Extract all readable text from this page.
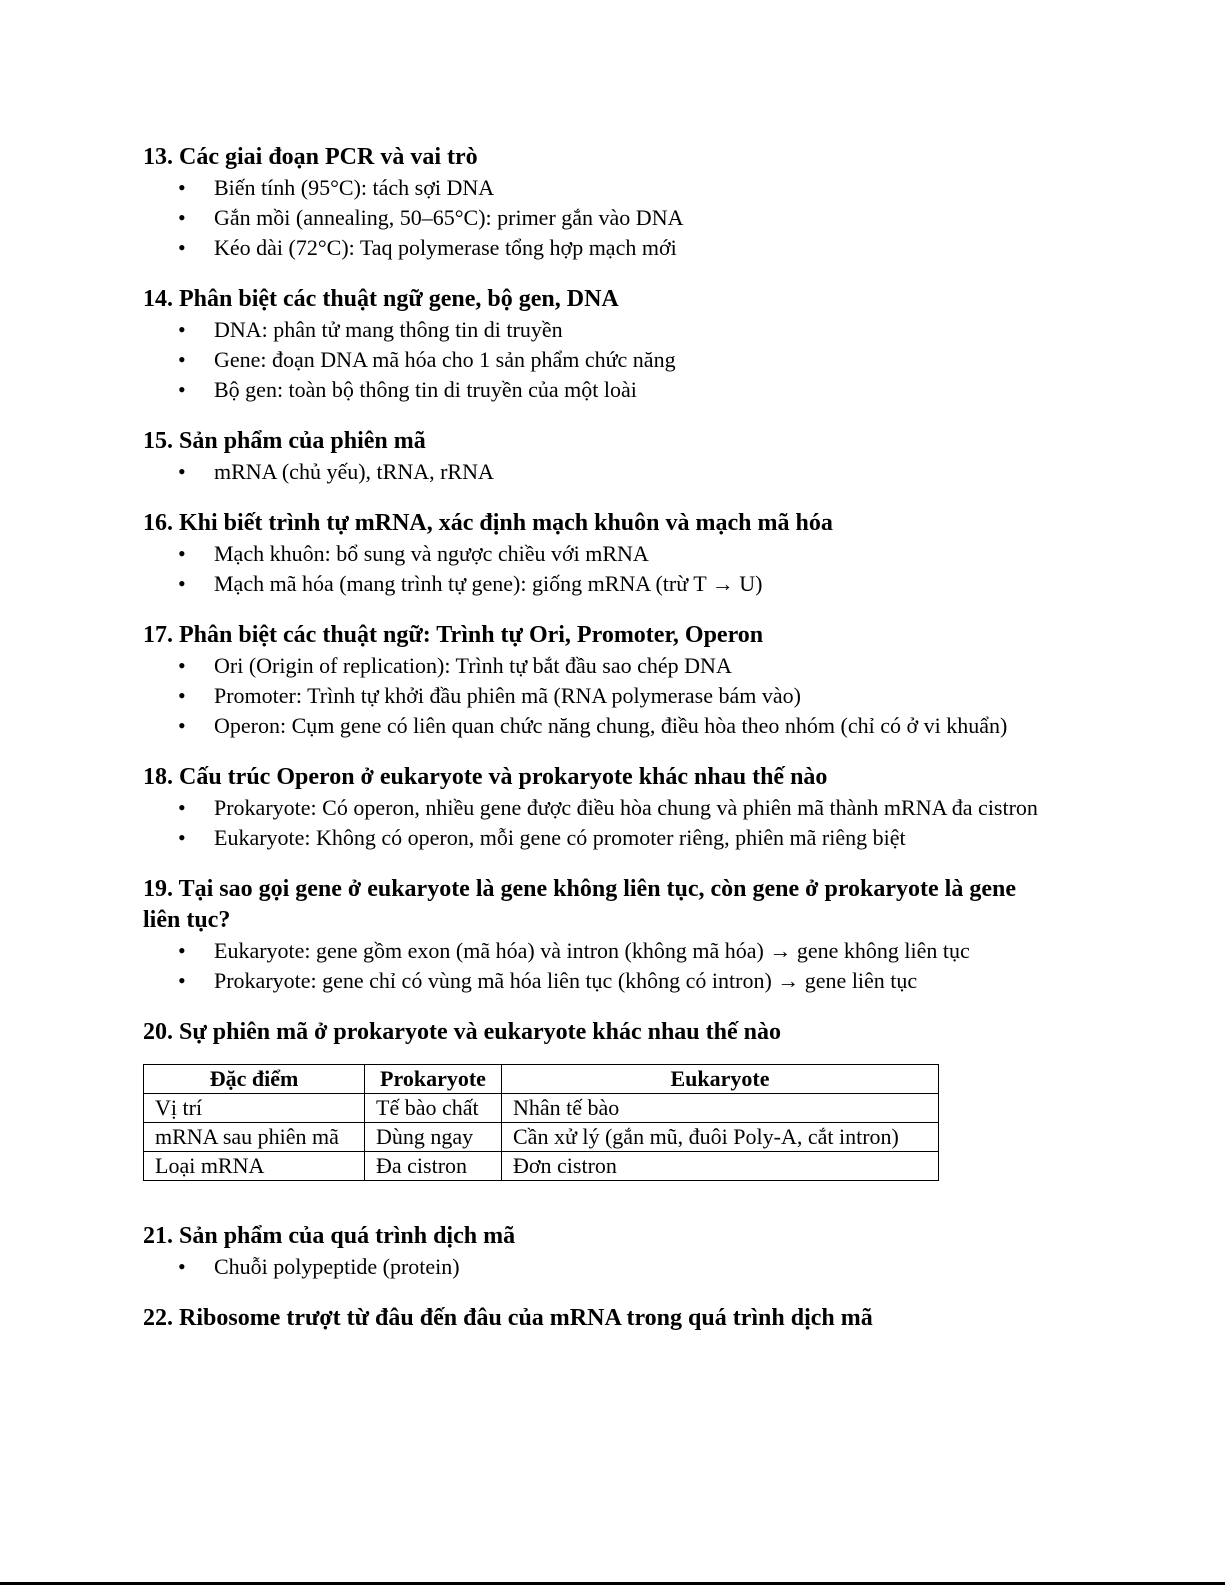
13. Các giai đoạn PCR và vai trò

• Biến tính (95°C): tách sợi DNA
• Gắn mồi (annealing, 50–65°C): primer gắn vào DNA
• Kéo dài (72°C): Taq polymerase tổng hợp mạch mới

14. Phân biệt các thuật ngữ gene, bộ gen, DNA

• DNA: phân tử mang thông tin di truyền
• Gene: đoạn DNA mã hóa cho 1 sản phẩm chức năng
• Bộ gen: toàn bộ thông tin di truyền của một loài

15. Sản phẩm của phiên mã

• mRNA (chủ yếu), tRNA, rRNA

16. Khi biết trình tự mRNA, xác định mạch khuôn và mạch mã hóa

• Mạch khuôn: bổ sung và ngược chiều với mRNA
• Mạch mã hóa (mang trình tự gene): giống mRNA (trừ T → U)

17. Phân biệt các thuật ngữ: Trình tự Ori, Promoter, Operon

• Ori (Origin of replication): Trình tự bắt đầu sao chép DNA
• Promoter: Trình tự khởi đầu phiên mã (RNA polymerase bám vào)
• Operon: Cụm gene có liên quan chức năng chung, điều hòa theo nhóm (chỉ có ở vi khuẩn)

18. Cấu trúc Operon ở eukaryote và prokaryote khác nhau thế nào

• Prokaryote: Có operon, nhiều gene được điều hòa chung và phiên mã thành mRNA đa cistron
• Eukaryote: Không có operon, mỗi gene có promoter riêng, phiên mã riêng biệt

19. Tại sao gọi gene ở eukaryote là gene không liên tục, còn gene ở prokaryote là gene liên tục?

• Eukaryote: gene gồm exon (mã hóa) và intron (không mã hóa) → gene không liên tục
• Prokaryote: gene chỉ có vùng mã hóa liên tục (không có intron) → gene liên tục

20. Sự phiên mã ở prokaryote và eukaryote khác nhau thế nào

Đặc điểm	Prokaryote	Eukaryote
Vị trí	Tế bào chất	Nhân tế bào
mRNA sau phiên mã	Dùng ngay	Cần xử lý (gắn mũ, đuôi Poly-A, cắt intron)
Loại mRNA	Đa cistron	Đơn cistron

21. Sản phẩm của quá trình dịch mã

• Chuỗi polypeptide (protein)

22. Ribosome trượt từ đâu đến đâu của mRNA trong quá trình dịch mã
